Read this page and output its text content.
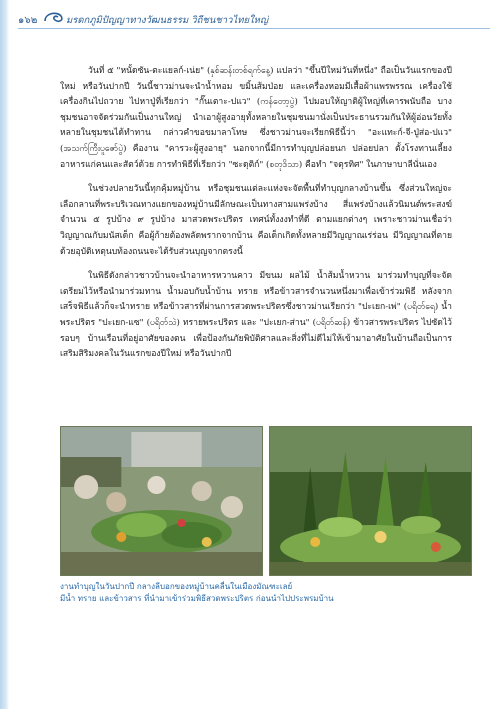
๑๖๒	มรดกภูมิปัญญาทางวัฒนธรรม วิถีชนชาวไทยใหญ่

วันที่ ๕ "หนั้ดซัน-ตะแยลก์-เน่ย" (နှစ်ဆန်းတစ်ရက်နေ့) แปลว่า "ขึ้นปีใหม่วันที่หนึ่ง" ถือเป็นวันแรกของปีใหม่ หรือวันปากปี วันนี้ชาวม่านจะนำน้ำหอม ขมิ้นส้มป่อย และเครื่องหอมมีเสื้อผ้าแพรพรรณ เครื่องใช้เครื่องกินไปถวาย ไปหาปู่ที่เรียกว่า "กั๊นเตาะ-ปแว" (ကန်တော့ပွဲ) ไปมอบให้ญาติผู้ใหญ่ที่เคารพนับถือ บางชุมชนอาจจัดร่วมกันเป็นงานใหญ่ นำเอาผู้สูงอายุทั้งหลายในชุมชนมานั่งเป็นประธานรวมกันให้ผู้อ่อนวัยทั้งหลายในชุมชนได้ทำทาน กล่าวคำขอขมาลาโทษ ซึ่งชาวม่านจะเรียกพิธีนี้ว่า "อะแทะก์-จี-ปู่ส่อ-ปแว" (အသက်ကြီးပူဇော်ပွဲ) คืองาน "คารวะผู้สูงอายุ" นอกจากนี้มีการทำบุญปล่อยนก ปล่อยปลา ตั้งโรงทานเลี้ยงอาหารแก่คนและสัตว์ด้วย การทำพิธีที่เรียกว่า "ซะดุติก์" (စတုဒိသာ) คือทำ "จตุรทิศ" ในภาษาบาลีนั่นเอง

ในช่วงปลายวันนี้ทุกคุ้มหมู่บ้าน หรือชุมชนแต่ละแห่งจะจัดพื้นที่ทำบุญกลางบ้านขึ้น ซึ่งส่วนใหญ่จะเลือกลานที่พระบริเวณทางแยกของหมู่บ้านมีลักษณะเป็นทางสามแพร่งบ้าง สี่แพร่งบ้างแล้วนิมนต์พระสงฆ์จำนวน ๕ รูปบ้าง ๙ รูปบ้าง มาสวดพระปริตร เทศน์ทั้งงงทำที่ดี ตามแยกต่างๆ เพราะชาวม่านเชื่อว่าวิญญาณกับมนัสเด็ก คือผู้ก้ายต้องพลัดพรากจากบ้าน คือเด็กเกิดทั้งหลายมีวิญญาณเร่ร่อน มีวิญญาณที่ตายด้วยอุบัติเหตุนบท้องถนนจะได้รับส่วนบุญจากตรงนี้

ในพิธีดังกล่าวชาวบ้านจะนำอาหารหวานคาว มีขนม ผลไม้ น้ำส้มน้ำหวาน มาร่วมทำบุญที่จะจัดเตรียมไว้หรือนำมาร่วมทาน น้ำมอบกับน้ำบ้าน ทราย หรือข้าวสารจำนวนหนึ่งมาเพื่อเข้าร่วมพิธี หลังจากเสร็จพิธีแล้วก็จะนำทราย หรือข้าวสารที่ผ่านการสวดพระปริตรซึ่งชาวม่านเรียกว่า "ปะเยก-เพ่" (ပရိတ်ရေ) น้ำพระปริตร "ปะเยก-แซ" (ပရိတ်သဲ) ทรายพระปริตร และ "ปะเยก-ส่าน" (ပရိတ်ဆန်) ข้าวสารพระปริตร ไปซัดไว้รอบๆ บ้านเรือนที่อยู่อาศัยของตน เพื่อป้องกันภัยพิบัติศาลและสิ่งที่ไม่ดีไม่ให้เข้ามาอาศัยในบ้านถือเป็นการเสริมสิริมงคลในวันแรกของปีใหม่ หรือวันปากปี

งานทำบุญในวันปากปี กลางลีบอกของหมู่บ้านคลื่นในเมืองมัณฑะเลย์
มีน้ำ ทราย และข้าวสาร ที่นำมาเข้าร่วมพิธีสวดพระปริตร ก่อนนำไปประพรมบ้าน
